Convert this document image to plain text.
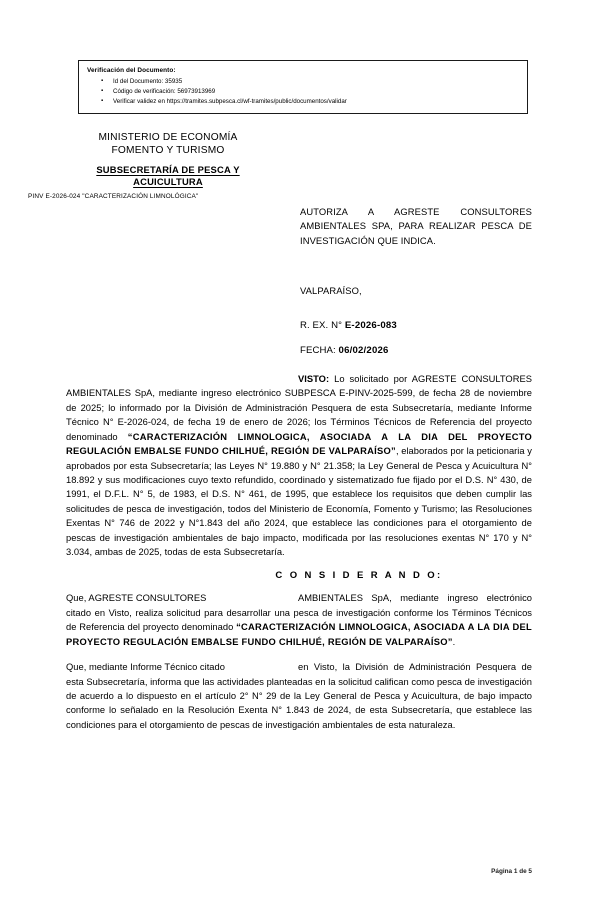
Verificación del Documento:
▪ Id del Documento: 35935
▪ Código de verificación: 56973913969
▪ Verificar validez en https://tramites.subpesca.cl/wf-tramites/public/documentos/validar
MINISTERIO DE ECONOMÍA
FOMENTO Y TURISMO
SUBSECRETARÍA DE PESCA Y
ACUICULTURA
PINV E-2026-024 "CARACTERIZACIÓN LIMNOLÓGICA"
AUTORIZA A AGRESTE CONSULTORES AMBIENTALES SPA, PARA REALIZAR PESCA DE INVESTIGACIÓN QUE INDICA.
VALPARAÍSO,
R. EX. N° E-2026-083
FECHA: 06/02/2026

VISTO: Lo solicitado por AGRESTE CONSULTORES AMBIENTALES SpA, mediante ingreso electrónico SUBPESCA E-PINV-2025-599, de fecha 28 de noviembre de 2025; lo informado por la División de Administración Pesquera de esta Subsecretaría, mediante Informe Técnico N° E-2026-024, de fecha 19 de enero de 2026; los Términos Técnicos de Referencia del proyecto denominado “CARACTERIZACIÓN LIMNOLOGICA, ASOCIADA A LA DIA DEL PROYECTO REGULACIÓN EMBALSE FUNDO CHILHUÉ, REGIÓN DE VALPARAÍSO”, elaborados por la peticionaria y aprobados por esta Subsecretaría; las Leyes N° 19.880 y N° 21.358; la Ley General de Pesca y Acuicultura N° 18.892 y sus modificaciones cuyo texto refundido, coordinado y sistematizado fue fijado por el D.S. N° 430, de 1991, el D.F.L. N° 5, de 1983, el D.S. N° 461, de 1995, que establece los requisitos que deben cumplir las solicitudes de pesca de investigación, todos del Ministerio de Economía, Fomento y Turismo; las Resoluciones Exentas N° 746 de 2022 y N°1.843 del año 2024, que establece las condiciones para el otorgamiento de pescas de investigación ambientales de bajo impacto, modificada por las resoluciones exentas N° 170 y N° 3.034, ambas de 2025, todas de esta Subsecretaría.

C O N S I D E R A N D O:

Que, AGRESTE CONSULTORES	AMBIENTALES SpA, mediante ingreso electrónico citado en Visto, realiza solicitud para desarrollar una pesca de investigación conforme los Términos Técnicos de Referencia del proyecto denominado “CARACTERIZACIÓN LIMNOLOGICA, ASOCIADA A LA DIA DEL PROYECTO REGULACIÓN EMBALSE FUNDO CHILHUÉ, REGIÓN DE VALPARAÍSO”.

Que, mediante Informe Técnico citado	en Visto, la División de Administración Pesquera de esta Subsecretaría, informa que las actividades planteadas en la solicitud califican como pesca de investigación de acuerdo a lo dispuesto en el artículo 2° N° 29 de la Ley General de Pesca y Acuicultura, de bajo impacto conforme lo señalado en la Resolución Exenta N° 1.843 de 2024, de esta Subsecretaría, que establece las condiciones para el otorgamiento de pescas de investigación ambientales de esta naturaleza.

Página 1 de 5
